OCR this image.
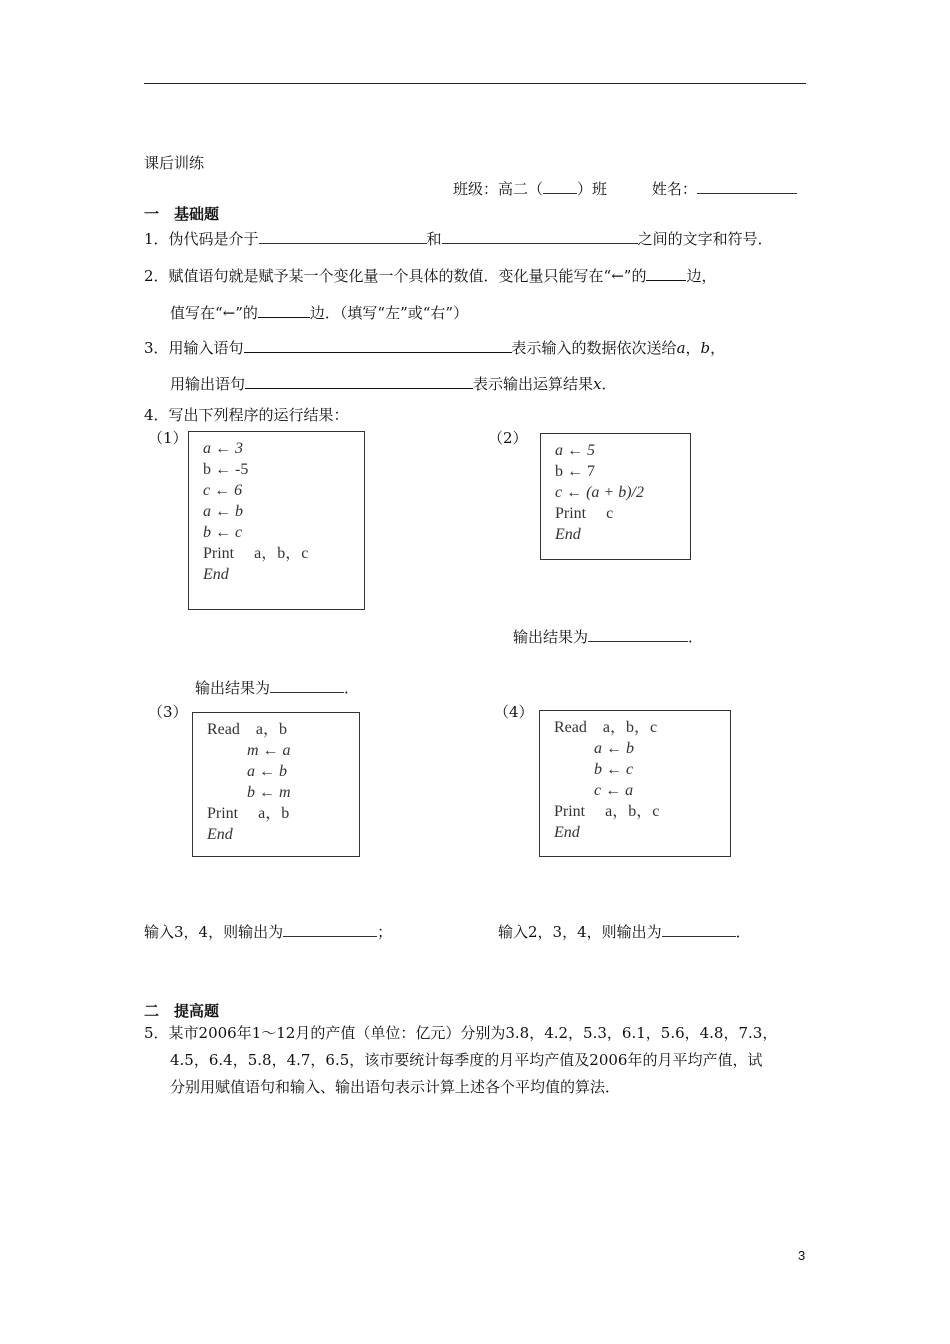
课后训练
班级：高二（ ）班	姓名：
一　基础题
1．伪代码是介于	和	之间的文字和符号．
2．赋值语句就是赋予某一个变化量一个具体的数值．变化量只能写在“←”的	边，
值写在“←”的	边．（填写“左”或“右”）
3．用输入语句	表示输入的数据依次送给a，b，
用输出语句	表示输出运算结果x．
4．写出下列程序的运行结果：
（1）
a ← 3
b ← -5
c ← 6
a ← b
b ← c
Print　 a，b，c
End
输出结果为	．
（2）
a ← 5
b ← 7
c ← (a + b)/2
Print　 c
End
输出结果为	．
（3）
Read　a，b
m ← a
a ← b
b ← m
Print　 a，b
End
输入3，4，则输出为	；
（4）
Read　a，b，c
a ← b
b ← c
c ← a
Print　 a，b，c
End
输入2，3，4，则输出为	．
二　提高题
5．某市2006年1～12月的产值（单位：亿元）分别为3.8，4.2，5.3，6.1，5.6，4.8，7.3，
4.5，6.4，5.8，4.7，6.5，该市要统计每季度的月平均产值及2006年的月平均产值，试
分别用赋值语句和输入、输出语句表示计算上述各个平均值的算法．
3
